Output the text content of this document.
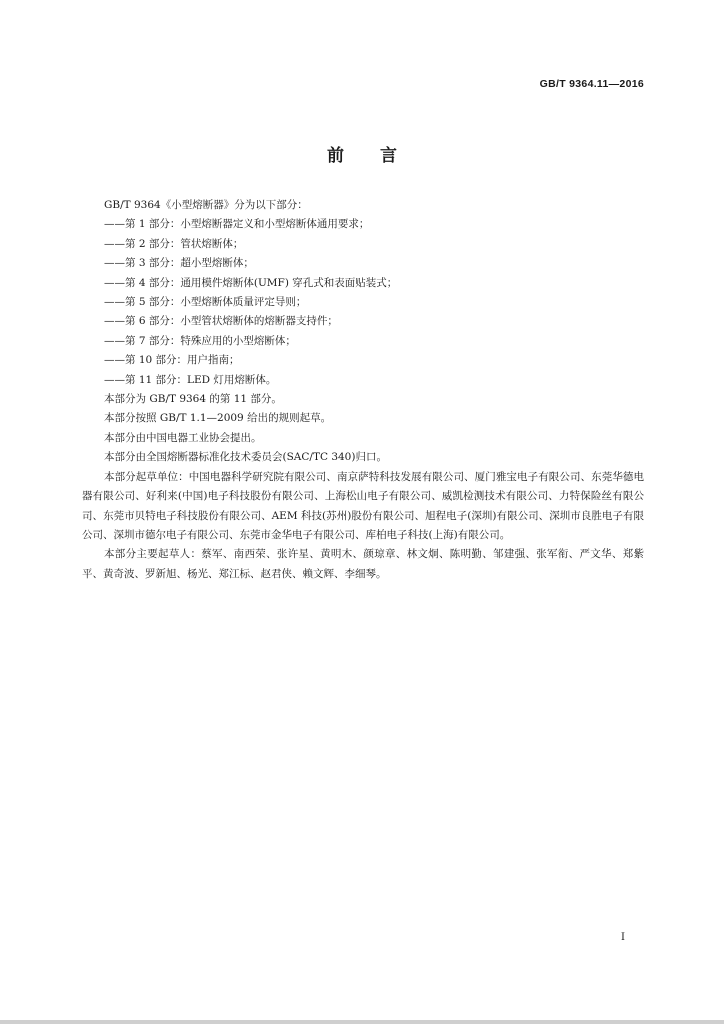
GB/T 9364.11—2016
前言
GB/T 9364《小型熔断器》分为以下部分：
——第 1 部分：小型熔断器定义和小型熔断体通用要求；
——第 2 部分：管状熔断体；
——第 3 部分：超小型熔断体；
——第 4 部分：通用模件熔断体(UMF) 穿孔式和表面贴装式；
——第 5 部分：小型熔断体质量评定导则；
——第 6 部分：小型管状熔断体的熔断器支持件；
——第 7 部分：特殊应用的小型熔断体；
——第 10 部分：用户指南；
——第 11 部分：LED 灯用熔断体。
本部分为 GB/T 9364 的第 11 部分。
本部分按照 GB/T 1.1—2009 给出的规则起草。
本部分由中国电器工业协会提出。
本部分由全国熔断器标准化技术委员会(SAC/TC 340)归口。
本部分起草单位：中国电器科学研究院有限公司、南京萨特科技发展有限公司、厦门雅宝电子有限公司、东莞华德电器有限公司、好利来(中国)电子科技股份有限公司、上海松山电子有限公司、威凯检测技术有限公司、力特保险丝有限公司、东莞市贝特电子科技股份有限公司、AEM 科技(苏州)股份有限公司、旭程电子(深圳)有限公司、深圳市良胜电子有限公司、深圳市德尔电子有限公司、东莞市金华电子有限公司、库柏电子科技(上海)有限公司。
本部分主要起草人：蔡军、南西荣、张许星、黄明木、颜琼章、林文炯、陈明勤、邹建强、张军衔、严文华、郑紫平、黄奇波、罗新旭、杨光、郑江标、赵君侠、赖文辉、李细琴。
I
